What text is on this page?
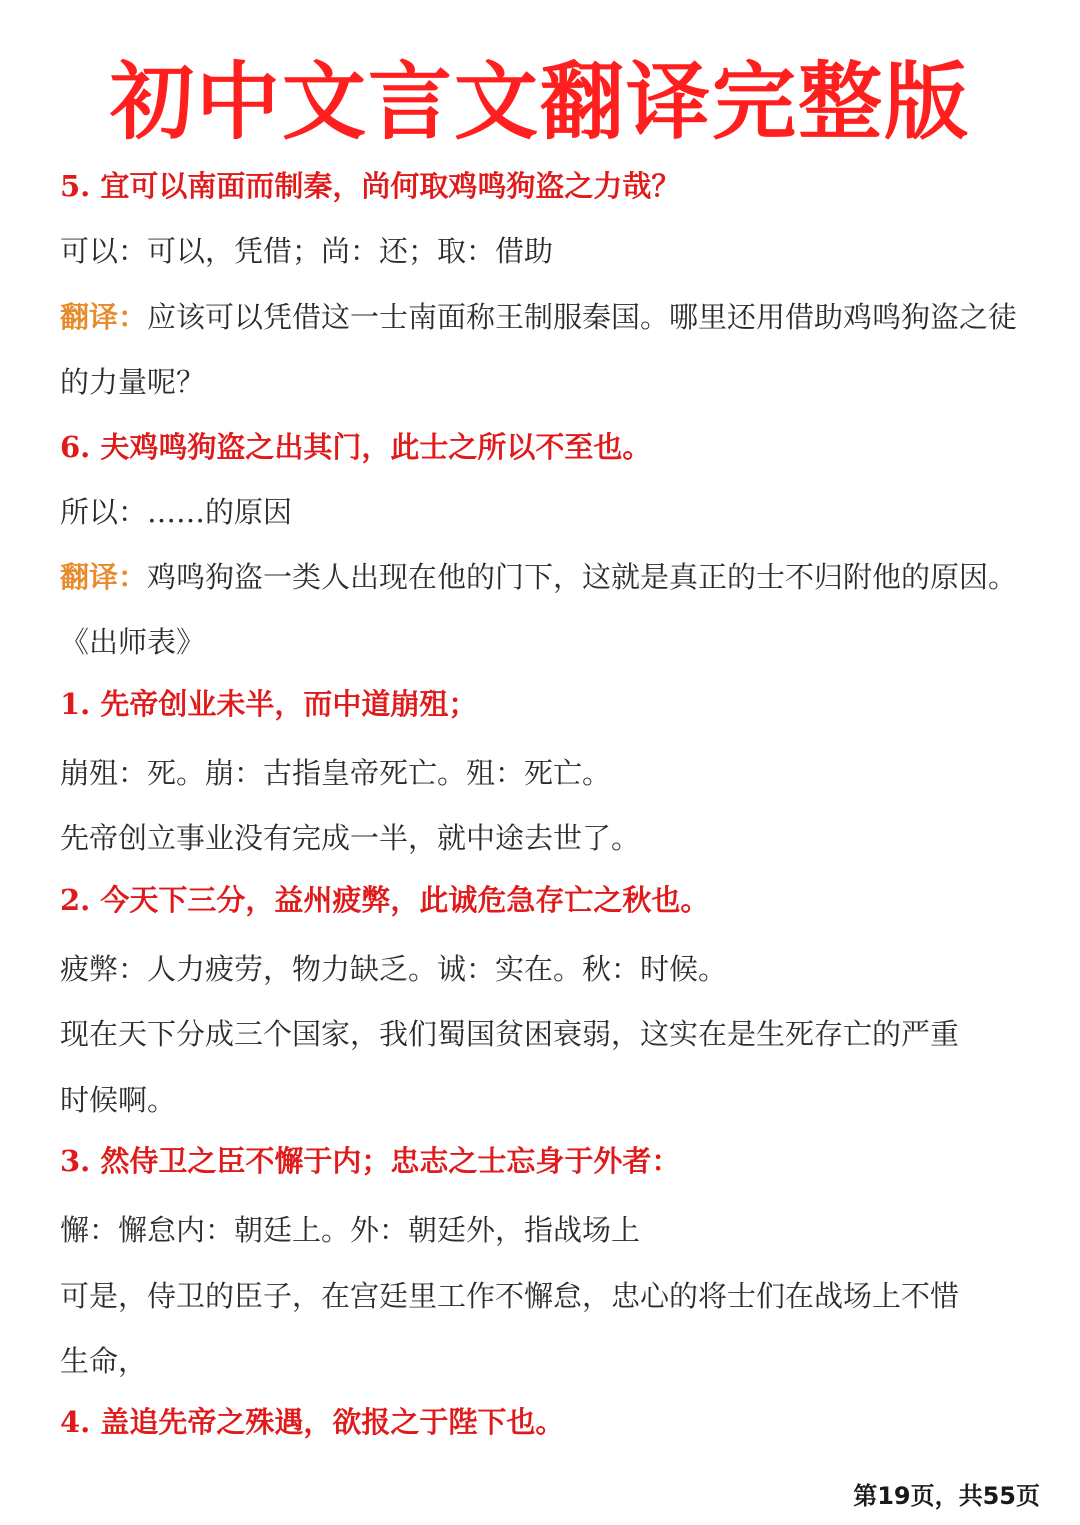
初中文言文翻译完整版
5. 宜可以南面而制秦，尚何取鸡鸣狗盗之力哉？
可以：可以，凭借；尚：还；取：借助
翻译：应该可以凭借这一士南面称王制服秦国。哪里还用借助鸡鸣狗盗之徒
的力量呢？
6. 夫鸡鸣狗盗之出其门，此士之所以不至也。
所以：……的原因
翻译：鸡鸣狗盗一类人出现在他的门下，这就是真正的士不归附他的原因。
《出师表》
1. 先帝创业未半，而中道崩殂；
崩殂：死。崩：古指皇帝死亡。殂：死亡。
先帝创立事业没有完成一半，就中途去世了。
2. 今天下三分，益州疲弊，此诚危急存亡之秋也。
疲弊：人力疲劳，物力缺乏。诚：实在。秋：时候。
现在天下分成三个国家，我们蜀国贫困衰弱，这实在是生死存亡的严重
时候啊。
3. 然侍卫之臣不懈于内；忠志之士忘身于外者：
懈：懈怠内：朝廷上。外：朝廷外，指战场上
可是，侍卫的臣子，在宫廷里工作不懈怠，忠心的将士们在战场上不惜
生命，
4. 盖追先帝之殊遇，欲报之于陛下也。
第19页，共55页
